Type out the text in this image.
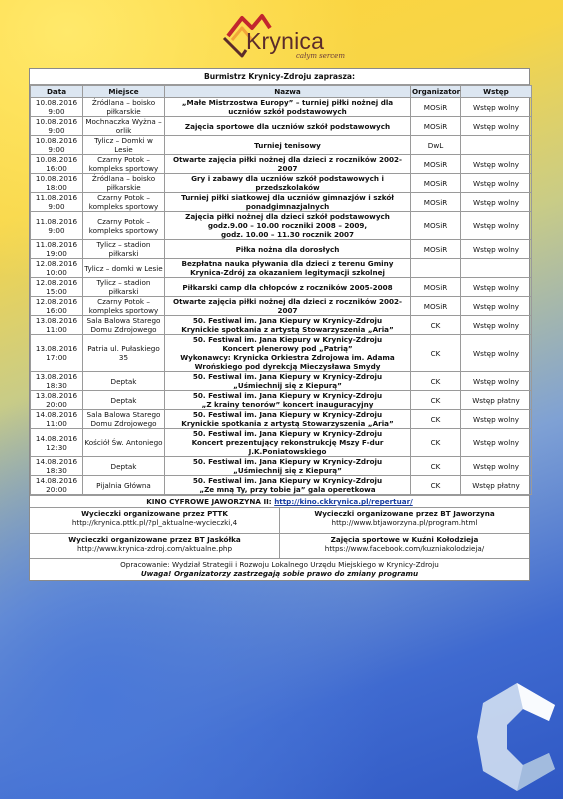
Krynica
całym sercem
Burmistrz Krynicy-Zdroju zaprasza:
Data	Miejsce	Nazwa	Organizator	Wstęp
10.08.2016
9:00	Źródlana – boisko piłkarskie	„Małe Mistrzostwa Europy” – turniej piłki nożnej dla uczniów szkół podstawowych	MOSiR	Wstęp wolny
10.08.2016
9:00	Mochnaczka Wyżna – orlik	Zajęcia sportowe dla uczniów szkół podstawowych	MOSiR	Wstęp wolny
10.08.2016
9:00	Tylicz – Domki w Lesie	Turniej tenisowy	DwL	
10.08.2016
16:00	Czarny Potok – kompleks sportowy	Otwarte zajęcia piłki nożnej dla dzieci z rocznikόw 2002-2007	MOSiR	Wstęp wolny
10.08.2016
18:00	Źródlana – boisko piłkarskie	Gry i zabawy dla uczniów szkół podstawowych i przedszkolaków	MOSiR	Wstęp wolny
11.08.2016
9:00	Czarny Potok – kompleks sportowy	Turniej piłki siatkowej dla uczniów gimnazjów i szkół ponadgimnazjalnych	MOSiR	Wstęp wolny
11.08.2016
9:00	Czarny Potok – kompleks sportowy	Zajęcia piłki nożnej dla dzieci szkół podstawowych
godz.9.00 – 10.00 roczniki 2008 – 2009,
godz. 10.00 – 11.30 rocznik 2007	MOSiR	Wstęp wolny
11.08.2016
19:00	Tylicz – stadion piłkarski	Piłka nożna dla dorosłych	MOSiR	Wstęp wolny
12.08.2016
10:00	Tylicz – domki w Lesie	Bezpłatna nauka pływania dla dzieci z terenu Gminy Krynica-Zdrój za okazaniem legitymacji szkolnej		
12.08.2016
15:00	Tylicz – stadion piłkarski	Piłkarski camp dla chłopców z rocznikόw 2005-2008	MOSiR	Wstęp wolny
12.08.2016
16:00	Czarny Potok – kompleks sportowy	Otwarte zajęcia piłki nożnej dla dzieci z rocznikόw 2002-2007	MOSiR	Wstęp wolny
13.08.2016
11:00	Sala Balowa Starego Domu Zdrojowego	50. Festiwal im. Jana Kiepury w Krynicy-Zdroju
Krynickie spotkania z artystą Stowarzyszenia „Aria”	CK	Wstęp wolny
13.08.2016
17:00	Patria ul. Pułaskiego 35	50. Festiwal im. Jana Kiepury w Krynicy-Zdroju
Koncert plenerowy pod „Patrią”
Wykonawcy: Krynicka Orkiestra Zdrojowa im. Adama Wrońskiego pod dyrekcją Mieczysława Smydy	CK	Wstęp wolny
13.08.2016
18:30	Deptak	50. Festiwal im. Jana Kiepury w Krynicy-Zdroju
„Uśmiechnij się z Kiepurą”	CK	Wstęp wolny
13.08.2016
20:00	Deptak	50. Festiwal im. Jana Kiepury w Krynicy-Zdroju
„Z krainy tenorów” koncert inauguracyjny	CK	Wstęp płatny
14.08.2016
11:00	Sala Balowa Starego Domu Zdrojowego	50. Festiwal im. Jana Kiepury w Krynicy-Zdroju
Krynickie spotkania z artystą Stowarzyszenia „Aria”	CK	Wstęp wolny
14.08.2016
12:30	Kościół Św. Antoniego	50. Festiwal im. Jana Kiepury w Krynicy-Zdroju
Koncert prezentujący rekonstrukcję Mszy F-dur J.K.Poniatowskiego	CK	Wstęp wolny
14.08.2016
18:30	Deptak	50. Festiwal im. Jana Kiepury w Krynicy-Zdroju
„Uśmiechnij się z Kiepurą”	CK	Wstęp wolny
14.08.2016
20:00	Pijalnia Główna	50. Festiwal im. Jana Kiepury w Krynicy-Zdroju
„Ze mną Ty, przy tobie ja” gala operetkowa	CK	Wstęp płatny
KINO CYFROWE JAWORZYNA II: http://kino.ckkrynica.pl/repertuar/
Wycieczki organizowane przez PTTK
http://krynica.pttk.pl/?pl_aktualne-wycieczki,4
Wycieczki organizowane przez BT Jaworzyna
http://www.btjaworzyna.pl/program.html
Wycieczki organizowane przez BT Jaskółka
http://www.krynica-zdroj.com/aktualne.php
Zajęcia sportowe w Kuźni Kołodzieja
https://www.facebook.com/kuzniakolodzieja/
Opracowanie: Wydział Strategii i Rozwoju Lokalnego Urzędu Miejskiego w Krynicy-Zdroju
Uwaga! Organizatorzy zastrzegają sobie prawo do zmiany programu
